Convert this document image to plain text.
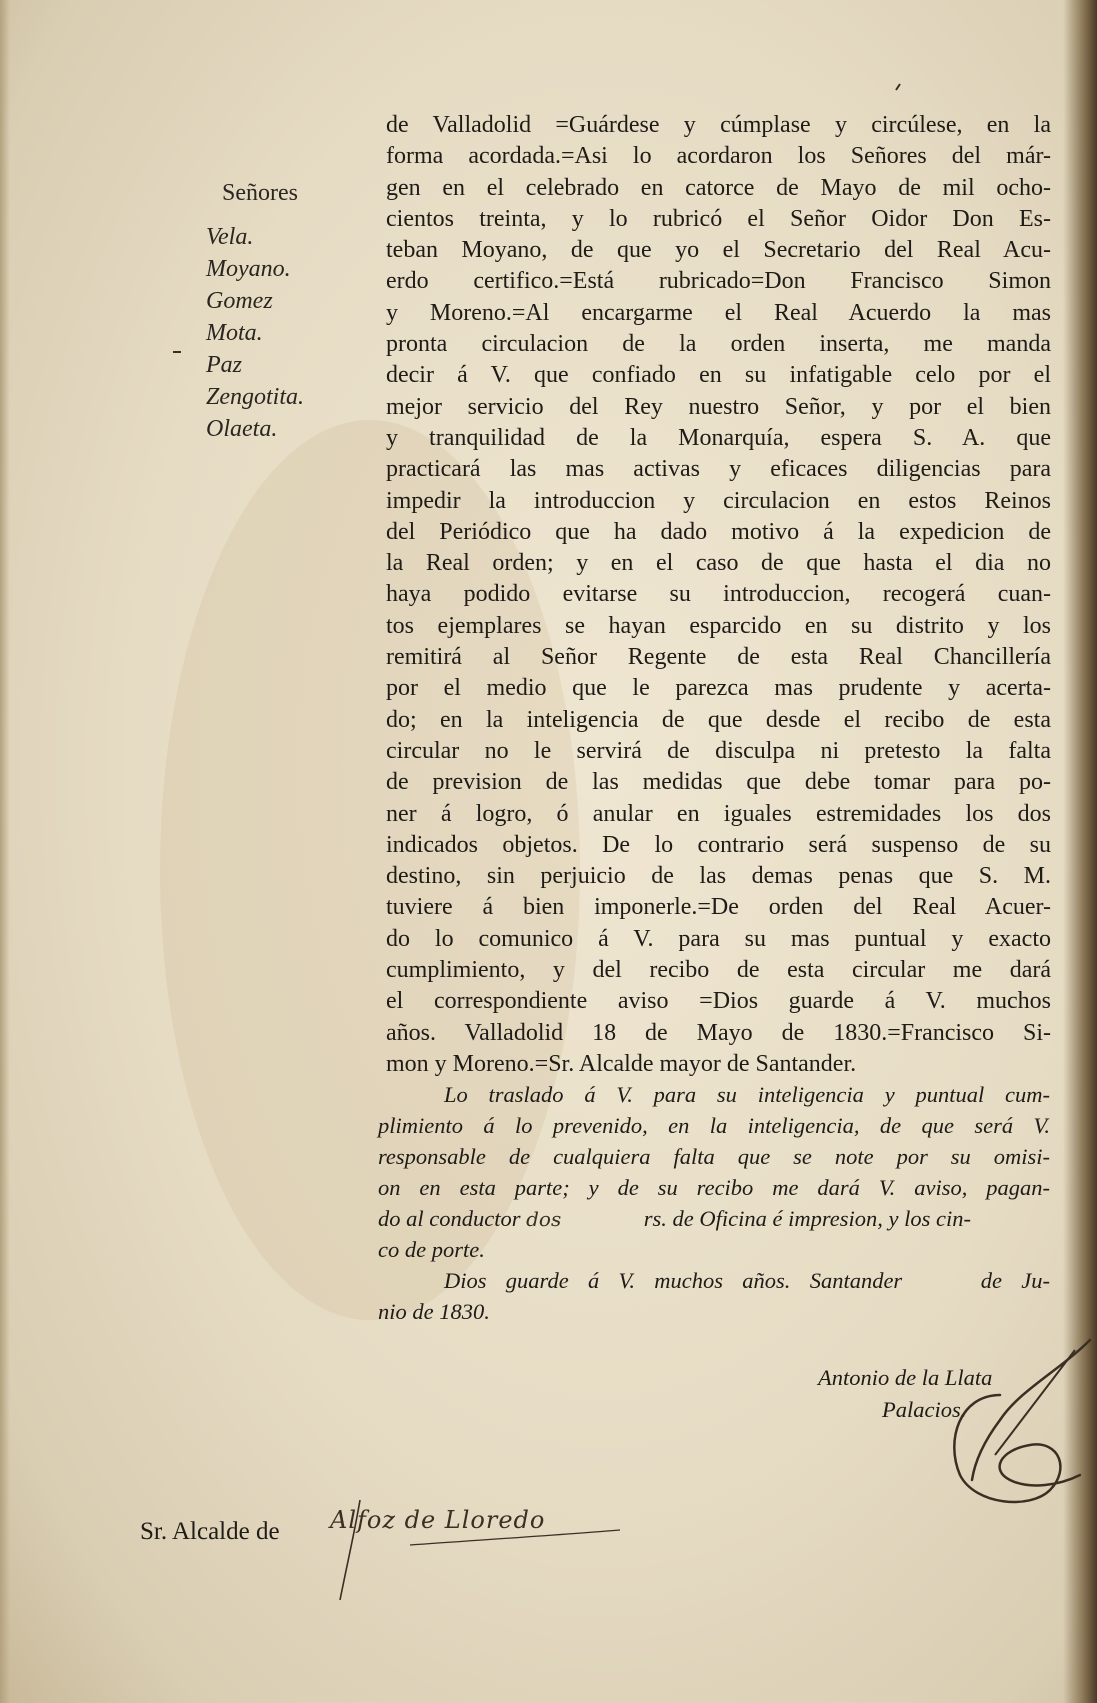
Señores
Vela.
Moyano.
Gomez
Mota.
Paz
Zengotita.
Olaeta.
de Valladolid =Guárdese y cúmplase y circúlese, en la
forma acordada.=Asi lo acordaron los Señores del már-
gen en el celebrado en catorce de Mayo de mil ocho-
cientos treinta, y lo rubricó el Señor Oidor Don Es-
teban Moyano, de que yo el Secretario del Real Acu-
erdo certifico.=Está rubricado=Don Francisco Simon
y Moreno.=Al encargarme el Real Acuerdo la mas
pronta circulacion de la orden inserta, me manda
decir á V. que confiado en su infatigable celo por el
mejor servicio del Rey nuestro Señor, y por el bien
y tranquilidad de la Monarquía, espera S. A. que
practicará las mas activas y eficaces diligencias para
impedir la introduccion y circulacion en estos Reinos
del Periódico que ha dado motivo á la expedicion de
la Real orden; y en el caso de que hasta el dia no
haya podido evitarse su introduccion, recogerá cuan-
tos ejemplares se hayan esparcido en su distrito y los
remitirá al Señor Regente de esta Real Chancillería
por el medio que le parezca mas prudente y acerta-
do; en la inteligencia de que desde el recibo de esta
circular no le servirá de disculpa ni pretesto la falta
de prevision de las medidas que debe tomar para po-
ner á logro, ó anular en iguales estremidades los dos
indicados objetos. De lo contrario será suspenso de su
destino, sin perjuicio de las demas penas que S. M.
tuviere á bien imponerle.=De orden del Real Acuer-
do lo comunico á V. para su mas puntual y exacto
cumplimiento, y del recibo de esta circular me dará
el correspondiente aviso =Dios guarde á V. muchos
años. Valladolid 18 de Mayo de 1830.=Francisco Si-
mon y Moreno.=Sr. Alcalde mayor de Santander.
Lo traslado á V. para su inteligencia y puntual cum-
plimiento á lo prevenido, en la inteligencia, de que será V.
responsable de cualquiera falta que se note por su omisi-
on en esta parte; y de su recibo me dará V. aviso, pagan-
do al conductor dos	rs. de Oficina é impresion, y los cin-
co de porte.
Dios guarde á V. muchos años. Santander	de Ju-
nio de 1830.
Antonio de la Llata
Palacios.
Sr. Alcalde de Alfoz de Lloredo
